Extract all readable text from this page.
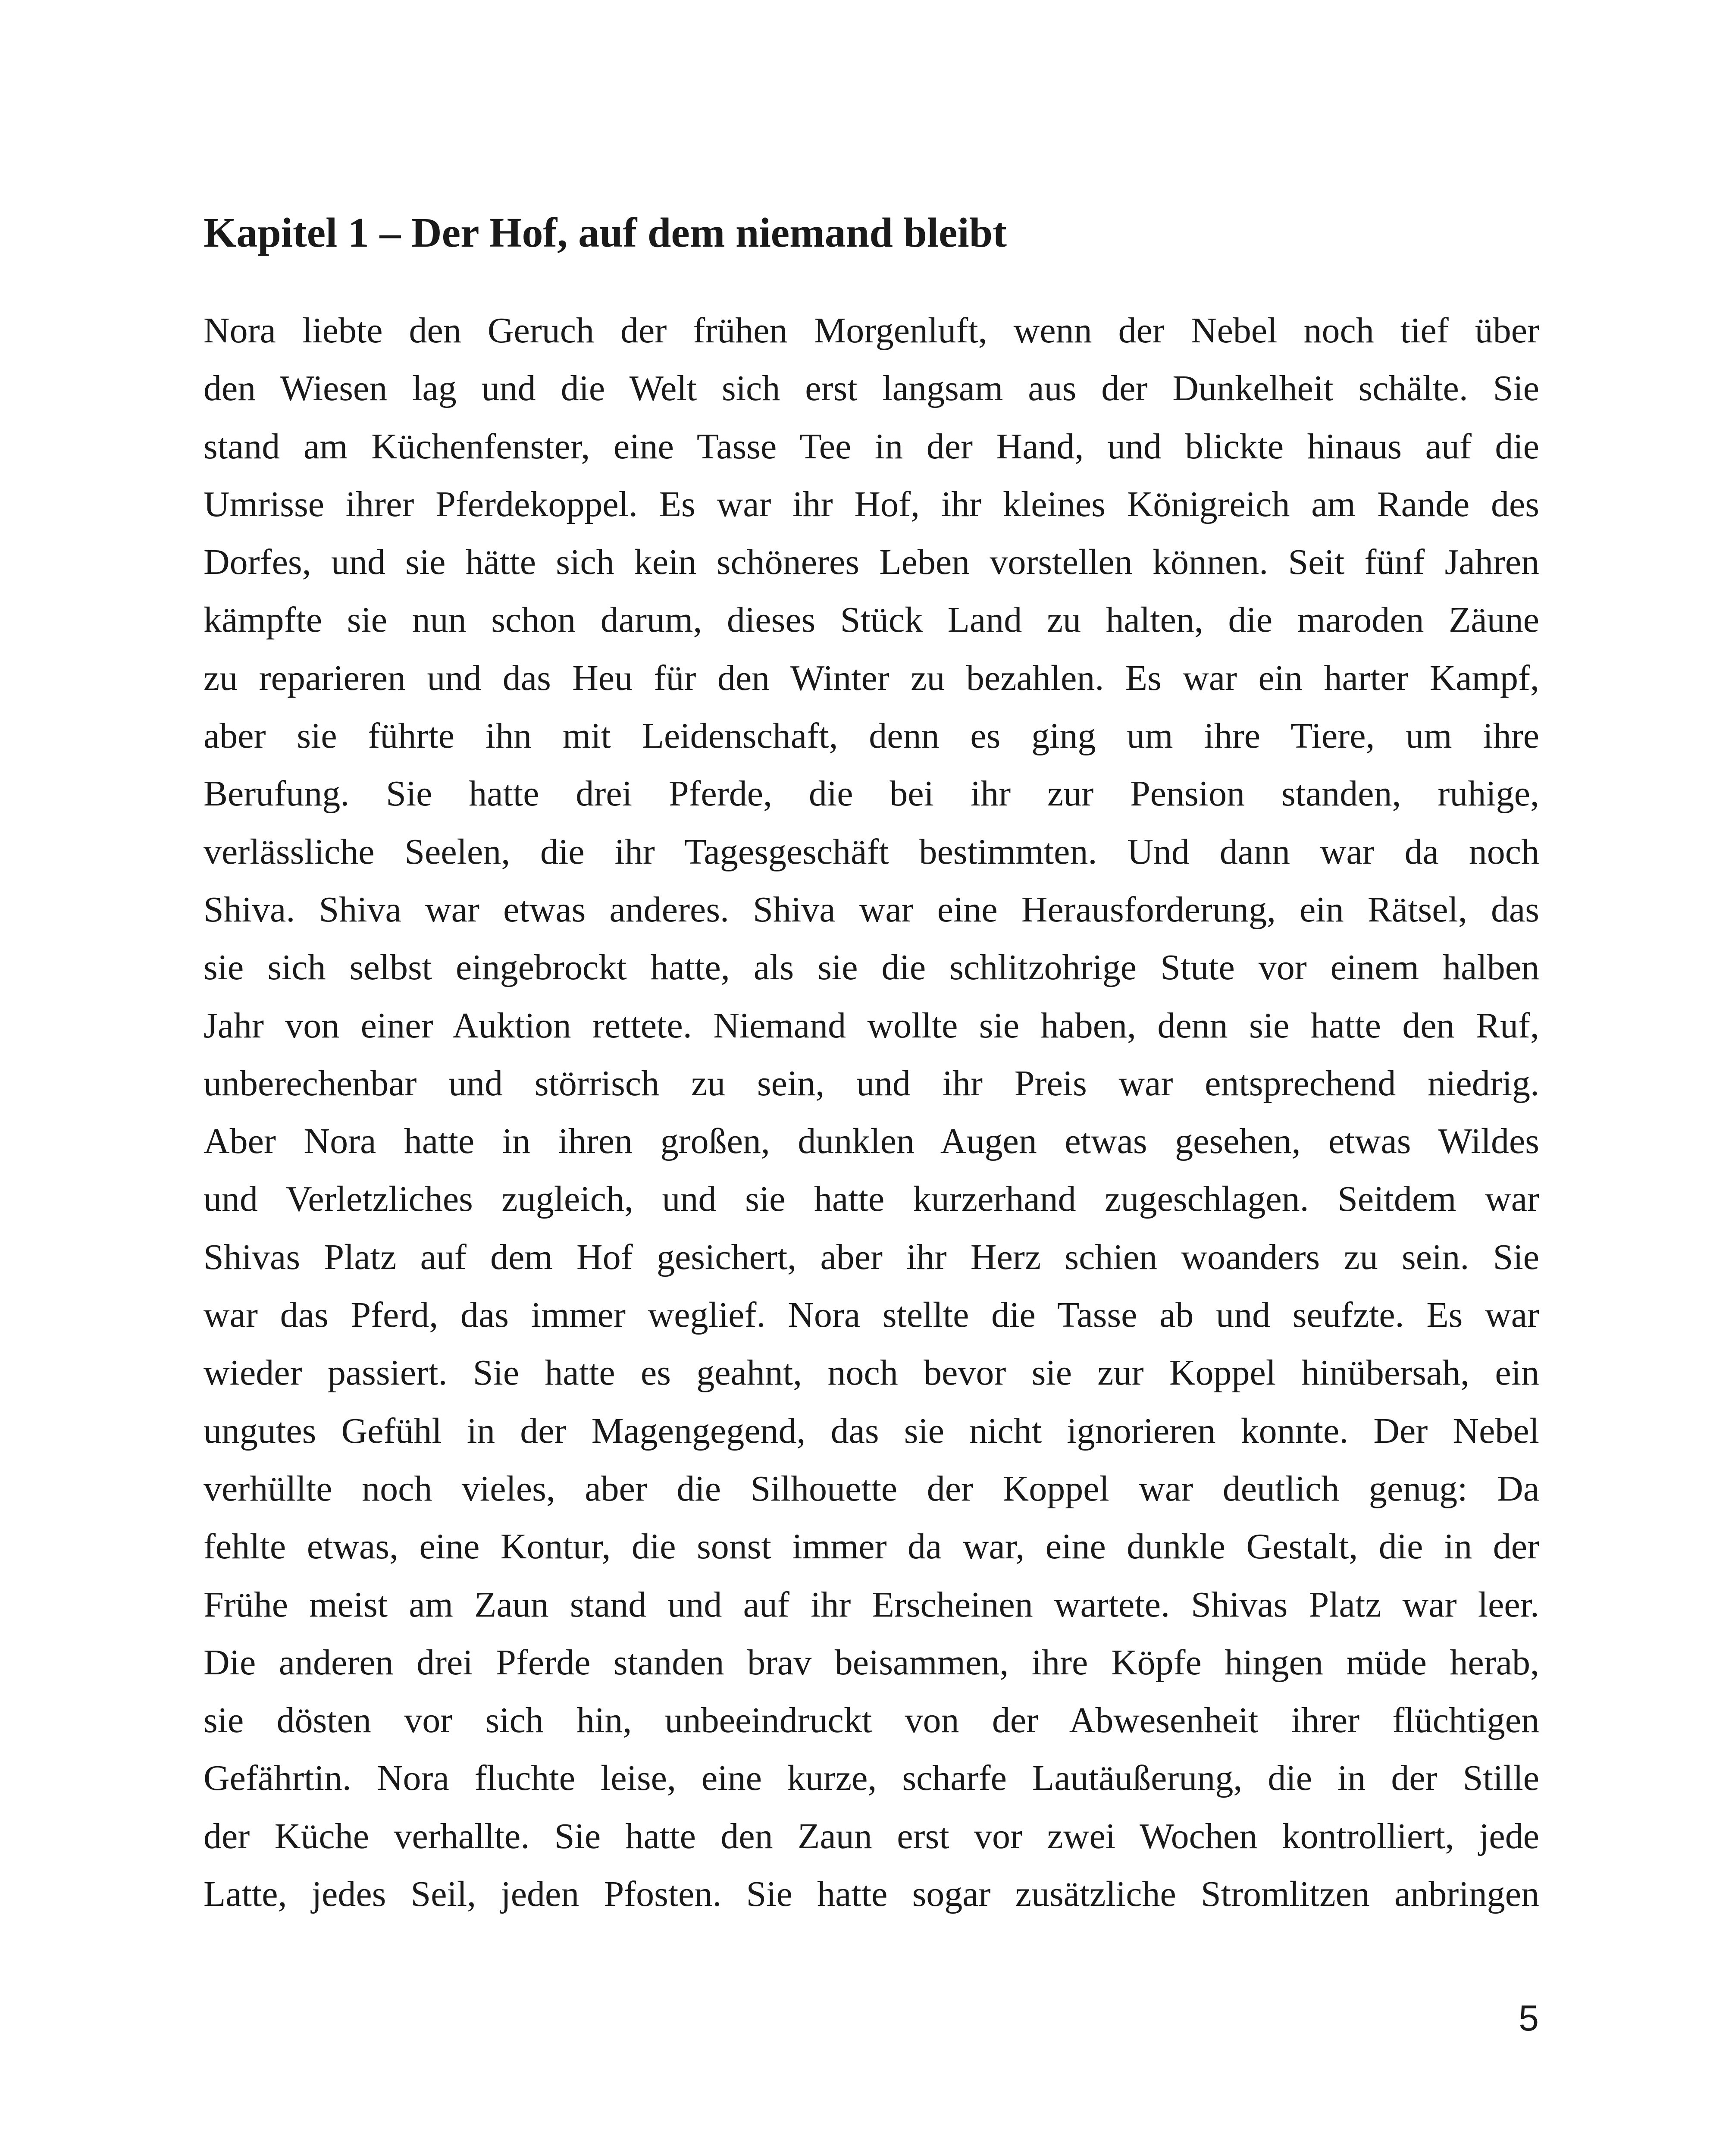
Kapitel 1 – Der Hof, auf dem niemand bleibt
Nora liebte den Geruch der frühen Morgenluft, wenn der Nebel noch tief über
den Wiesen lag und die Welt sich erst langsam aus der Dunkelheit schälte. Sie
stand am Küchenfenster, eine Tasse Tee in der Hand, und blickte hinaus auf die
Umrisse ihrer Pferdekoppel. Es war ihr Hof, ihr kleines Königreich am Rande des
Dorfes, und sie hätte sich kein schöneres Leben vorstellen können. Seit fünf Jahren
kämpfte sie nun schon darum, dieses Stück Land zu halten, die maroden Zäune
zu reparieren und das Heu für den Winter zu bezahlen. Es war ein harter Kampf,
aber sie führte ihn mit Leidenschaft, denn es ging um ihre Tiere, um ihre
Berufung. Sie hatte drei Pferde, die bei ihr zur Pension standen, ruhige,
verlässliche Seelen, die ihr Tagesgeschäft bestimmten. Und dann war da noch
Shiva. Shiva war etwas anderes. Shiva war eine Herausforderung, ein Rätsel, das
sie sich selbst eingebrockt hatte, als sie die schlitzohrige Stute vor einem halben
Jahr von einer Auktion rettete. Niemand wollte sie haben, denn sie hatte den Ruf,
unberechenbar und störrisch zu sein, und ihr Preis war entsprechend niedrig.
Aber Nora hatte in ihren großen, dunklen Augen etwas gesehen, etwas Wildes
und Verletzliches zugleich, und sie hatte kurzerhand zugeschlagen. Seitdem war
Shivas Platz auf dem Hof gesichert, aber ihr Herz schien woanders zu sein. Sie
war das Pferd, das immer weglief. Nora stellte die Tasse ab und seufzte. Es war
wieder passiert. Sie hatte es geahnt, noch bevor sie zur Koppel hinübersah, ein
ungutes Gefühl in der Magengegend, das sie nicht ignorieren konnte. Der Nebel
verhüllte noch vieles, aber die Silhouette der Koppel war deutlich genug: Da
fehlte etwas, eine Kontur, die sonst immer da war, eine dunkle Gestalt, die in der
Frühe meist am Zaun stand und auf ihr Erscheinen wartete. Shivas Platz war leer.
Die anderen drei Pferde standen brav beisammen, ihre Köpfe hingen müde herab,
sie dösten vor sich hin, unbeeindruckt von der Abwesenheit ihrer flüchtigen
Gefährtin. Nora fluchte leise, eine kurze, scharfe Lautäußerung, die in der Stille
der Küche verhallte. Sie hatte den Zaun erst vor zwei Wochen kontrolliert, jede
Latte, jedes Seil, jeden Pfosten. Sie hatte sogar zusätzliche Stromlitzen anbringen
5
